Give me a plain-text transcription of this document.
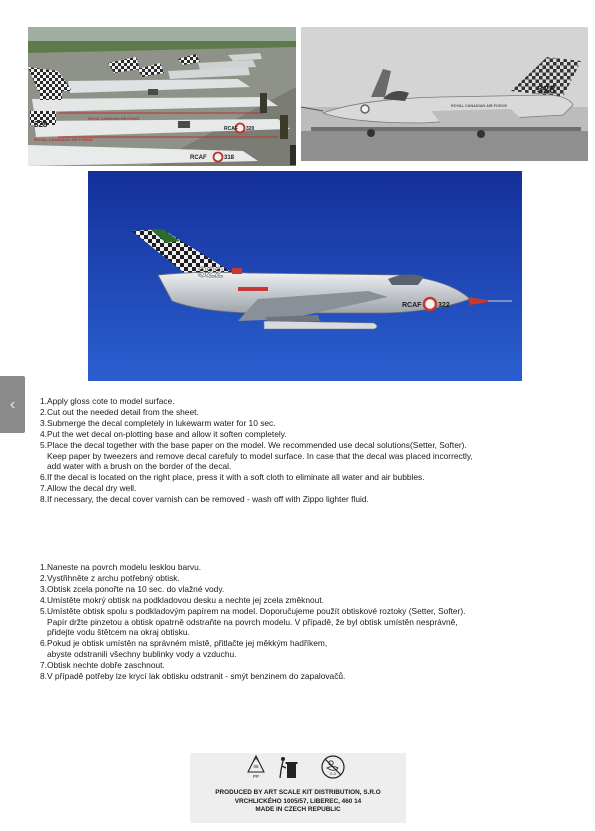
ROYAL CANADIAN AIR FORCE
ROYAL CANADIAN AIR FORCE
328	RCAF 320
RCAF	318
328
ROYAL CANADIAN AIR FORCE
322
RCAF 322
‹	1. Apply gloss cote to model surface.
2. Cut out the needed detail from the sheet.
3. Submerge the decal completely in lukewarm water for 10 sec.
4. Put the wet decal on-plotting base and allow it soften completely.
5. Place the decal together with the base paper on the model. We recommended use decal solutions(Setter, Softer).
Keep paper by tweezers and remove decal carefuly to model surface. In case that the decal was placed incorrectly,
add water with a brush on the border of the decal.
6. If the decal is located on the right place, press it with a soft cloth to eliminate all water and air bubbles.
7. Allow the decal dry well.
8. If necessary, the decal cover varnish can be removed - wash off with Zippo lighter fluid.
1. Naneste na povrch modelu lesklou barvu.
2. Vystřihněte z archu potřebný obtisk.
3. Obtisk zcela ponořte na 10 sec. do vlažné vody.
4. Umístěte mokrý obtisk na podkladovou desku a nechte jej zcela změknout.
5. Umístěte obtisk spolu s podkladovým papírem na model. Doporučujeme použít obtiskové roztoky (Setter, Softer).
Papír držte pinzetou a obtisk opatrně odstraňte na povrch modelu. V případě, že byl obtisk umístěn nesprávně,
přidejte vodu štětcem na okraj obtisku.
6. Pokud je obtisk umístěn na správném místě, přitlačte jej měkkým hadříkem,
abyste odstranili všechny bublinky vody a vzduchu.
7. Obtisk nechte dobře zaschnout.
8. V případě potřeby lze krycí lak obtisku odstranit - smýt benzinem do zapalovačů.
05
PP	0-3
PRODUCED BY ART SCALE KIT DISTRIBUTION, S.R.O
VRCHLICKÉHO 1005/57, LIBEREC, 460 14
MADE IN CZECH REPUBLIC
